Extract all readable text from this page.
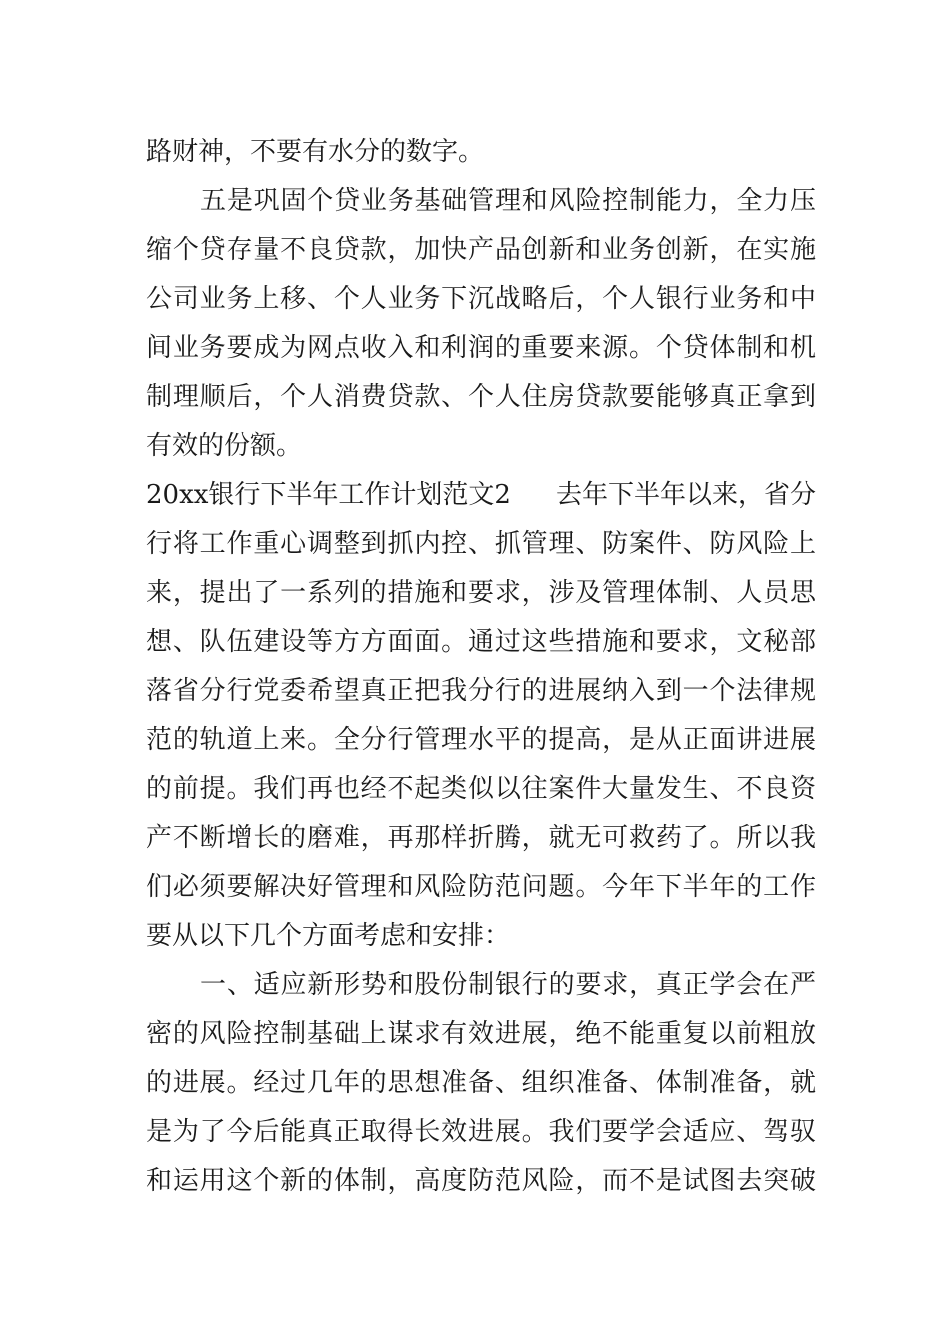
路财神，不要有水分的数字。
五是巩固个贷业务基础管理和风险控制能力，全力压
缩个贷存量不良贷款，加快产品创新和业务创新，在实施
公司业务上移、个人业务下沉战略后，个人银行业务和中
间业务要成为网点收入和利润的重要来源。个贷体制和机
制理顺后，个人消费贷款、个人住房贷款要能够真正拿到
有效的份额。
20xx银行下半年工作计划范文2 去年下半年以来，省分
行将工作重心调整到抓内控、抓管理、防案件、防风险上
来，提出了一系列的措施和要求，涉及管理体制、人员思
想、队伍建设等方方面面。通过这些措施和要求，文秘部
落省分行党委希望真正把我分行的进展纳入到一个法律规
范的轨道上来。全分行管理水平的提高，是从正面讲进展
的前提。我们再也经不起类似以往案件大量发生、不良资
产不断增长的磨难，再那样折腾，就无可救药了。所以我
们必须要解决好管理和风险防范问题。今年下半年的工作
要从以下几个方面考虑和安排：
一、适应新形势和股份制银行的要求，真正学会在严
密的风险控制基础上谋求有效进展，绝不能重复以前粗放
的进展。经过几年的思想准备、组织准备、体制准备，就
是为了今后能真正取得长效进展。我们要学会适应、驾驭
和运用这个新的体制，高度防范风险，而不是试图去突破
